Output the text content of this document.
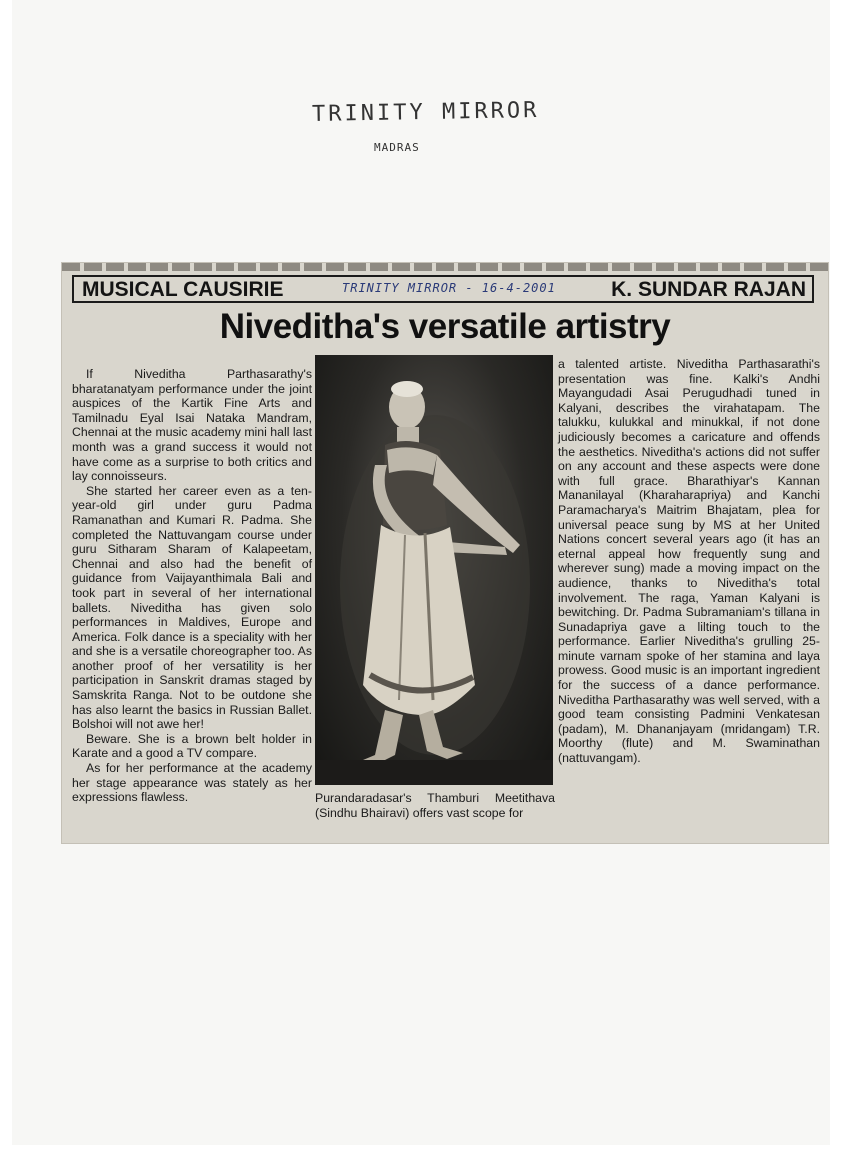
TRINITY MIRROR
MADRAS
MUSICAL CAUSIRIE	TRINITY MIRROR - 16-4-2001	K. SUNDAR RAJAN
Niveditha's versatile artistry

If Niveditha Parthasarathy's bharatanatyam performance under the joint auspices of the Kartik Fine Arts and Tamilnadu Eyal Isai Nataka Mandram, Chennai at the music academy mini hall last month was a grand success it would not have come as a surprise to both critics and lay connoisseurs.

She started her career even as a ten-year-old girl under guru Padma Ramanathan and Kumari R. Padma. She completed the Nattuvangam course under guru Sitharam Sharam of Kalapeetam, Chennai and also had the benefit of guidance from Vaijayanthimala Bali and took part in several of her international ballets. Niveditha has given solo performances in Maldives, Europe and America. Folk dance is a speciality with her and she is a versatile choreographer too. As another proof of her versatility is her participation in Sanskrit dramas staged by Samskrita Ranga. Not to be outdone she has also learnt the basics in Russian Ballet. Bolshoi will not awe her!

Beware. She is a brown belt holder in Karate and a good a TV compare.

As for her performance at the academy her stage appearance was stately as her expressions flawless.	Purandaradasar's Thamburi Meetithava (Sindhu Bhairavi) offers vast scope for
a talented artiste. Niveditha Parthasarathi's presentation was fine. Kalki's Andhi Mayangudadi Asai Perugudhadi tuned in Kalyani, describes the virahatapam. The talukku, kulukkal and minukkal, if not done judiciously becomes a caricature and offends the aesthetics. Niveditha's actions did not suffer on any account and these aspects were done with full grace. Bharathiyar's Kannan Mananilayal (Kharaharapriya) and Kanchi Paramacharya's Maitrim Bhajatam, plea for universal peace sung by MS at her United Nations concert several years ago (it has an eternal appeal how frequently sung and wherever sung) made a moving impact on the audience, thanks to Niveditha's total involvement. The raga, Yaman Kalyani is bewitching. Dr. Padma Subramaniam's tillana in Sunadapriya gave a lilting touch to the performance. Earlier Niveditha's grulling 25-minute varnam spoke of her stamina and laya prowess. Good music is an important ingredient for the success of a dance performance. Niveditha Parthasarathy was well served, with a good team consisting Padmini Venkatesan (padam), M. Dhananjayam (mridangam) T.R. Moorthy (flute) and M. Swaminathan (nattuvangam).
